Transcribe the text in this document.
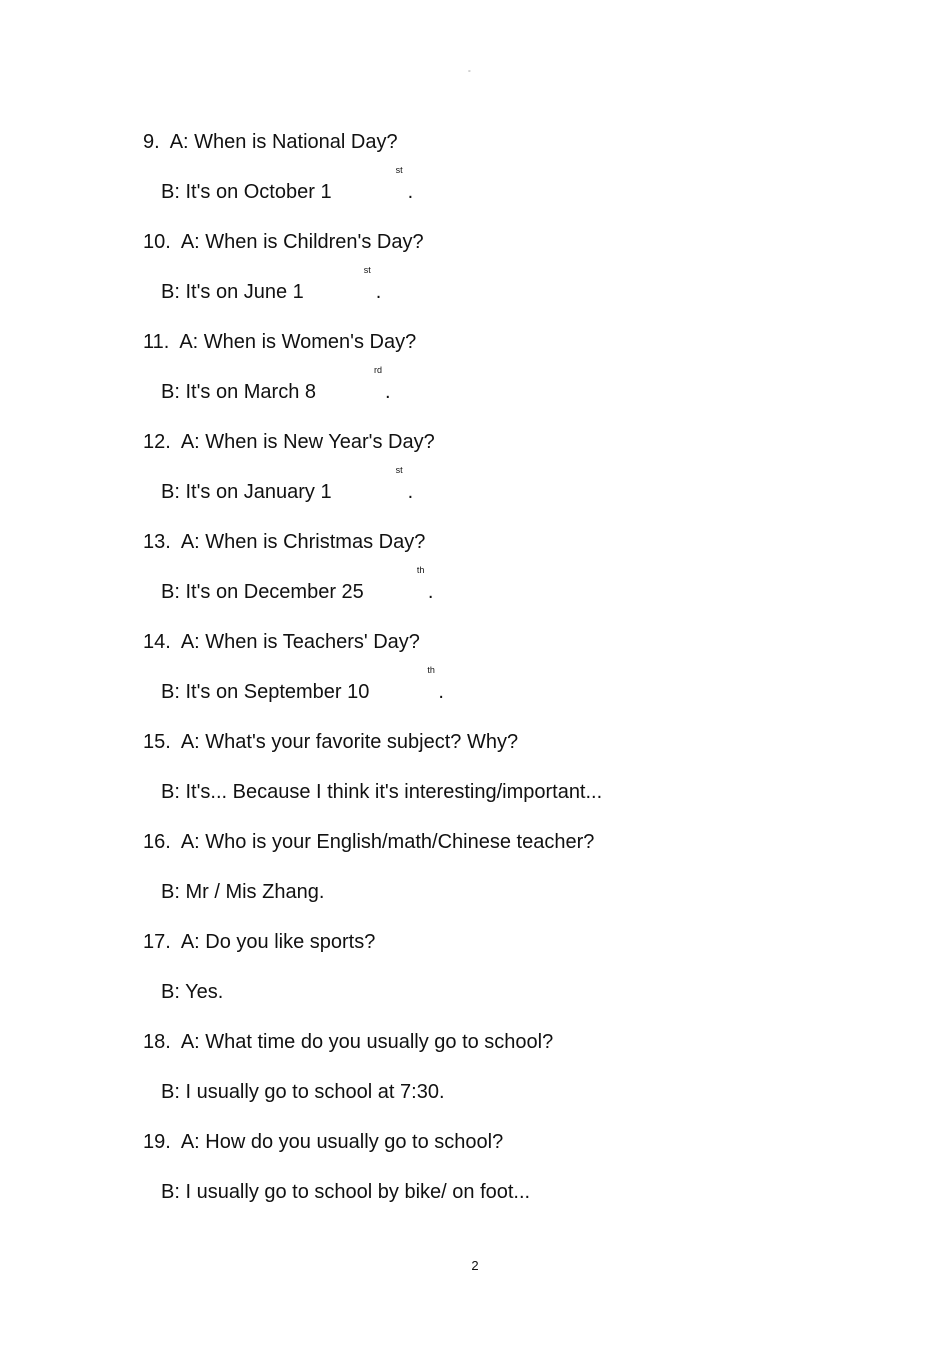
°
9. A: When is National Day?
B: It's on October 1
st
.
10. A: When is Children's Day?
B: It's on June 1
st
.
11. A: When is Women's Day?
B: It's on March 8
rd
.
12. A: When is New Year's Day?
B: It's on January 1
st
.
13. A: When is Christmas Day?
B: It's on December 25
th
.
14. A: When is Teachers' Day?
B: It's on September 10
th
.
15. A: What's your favorite subject? Why?
B: It's... Because I think it's interesting/important...
16. A: Who is your English/math/Chinese teacher?
B: Mr / Mis Zhang.
17. A: Do you like sports?
B: Yes.
18. A: What time do you usually go to school?
B: I usually go to school at 7:30.
19. A: How do you usually go to school?
B: I usually go to school by bike/ on foot...
2
